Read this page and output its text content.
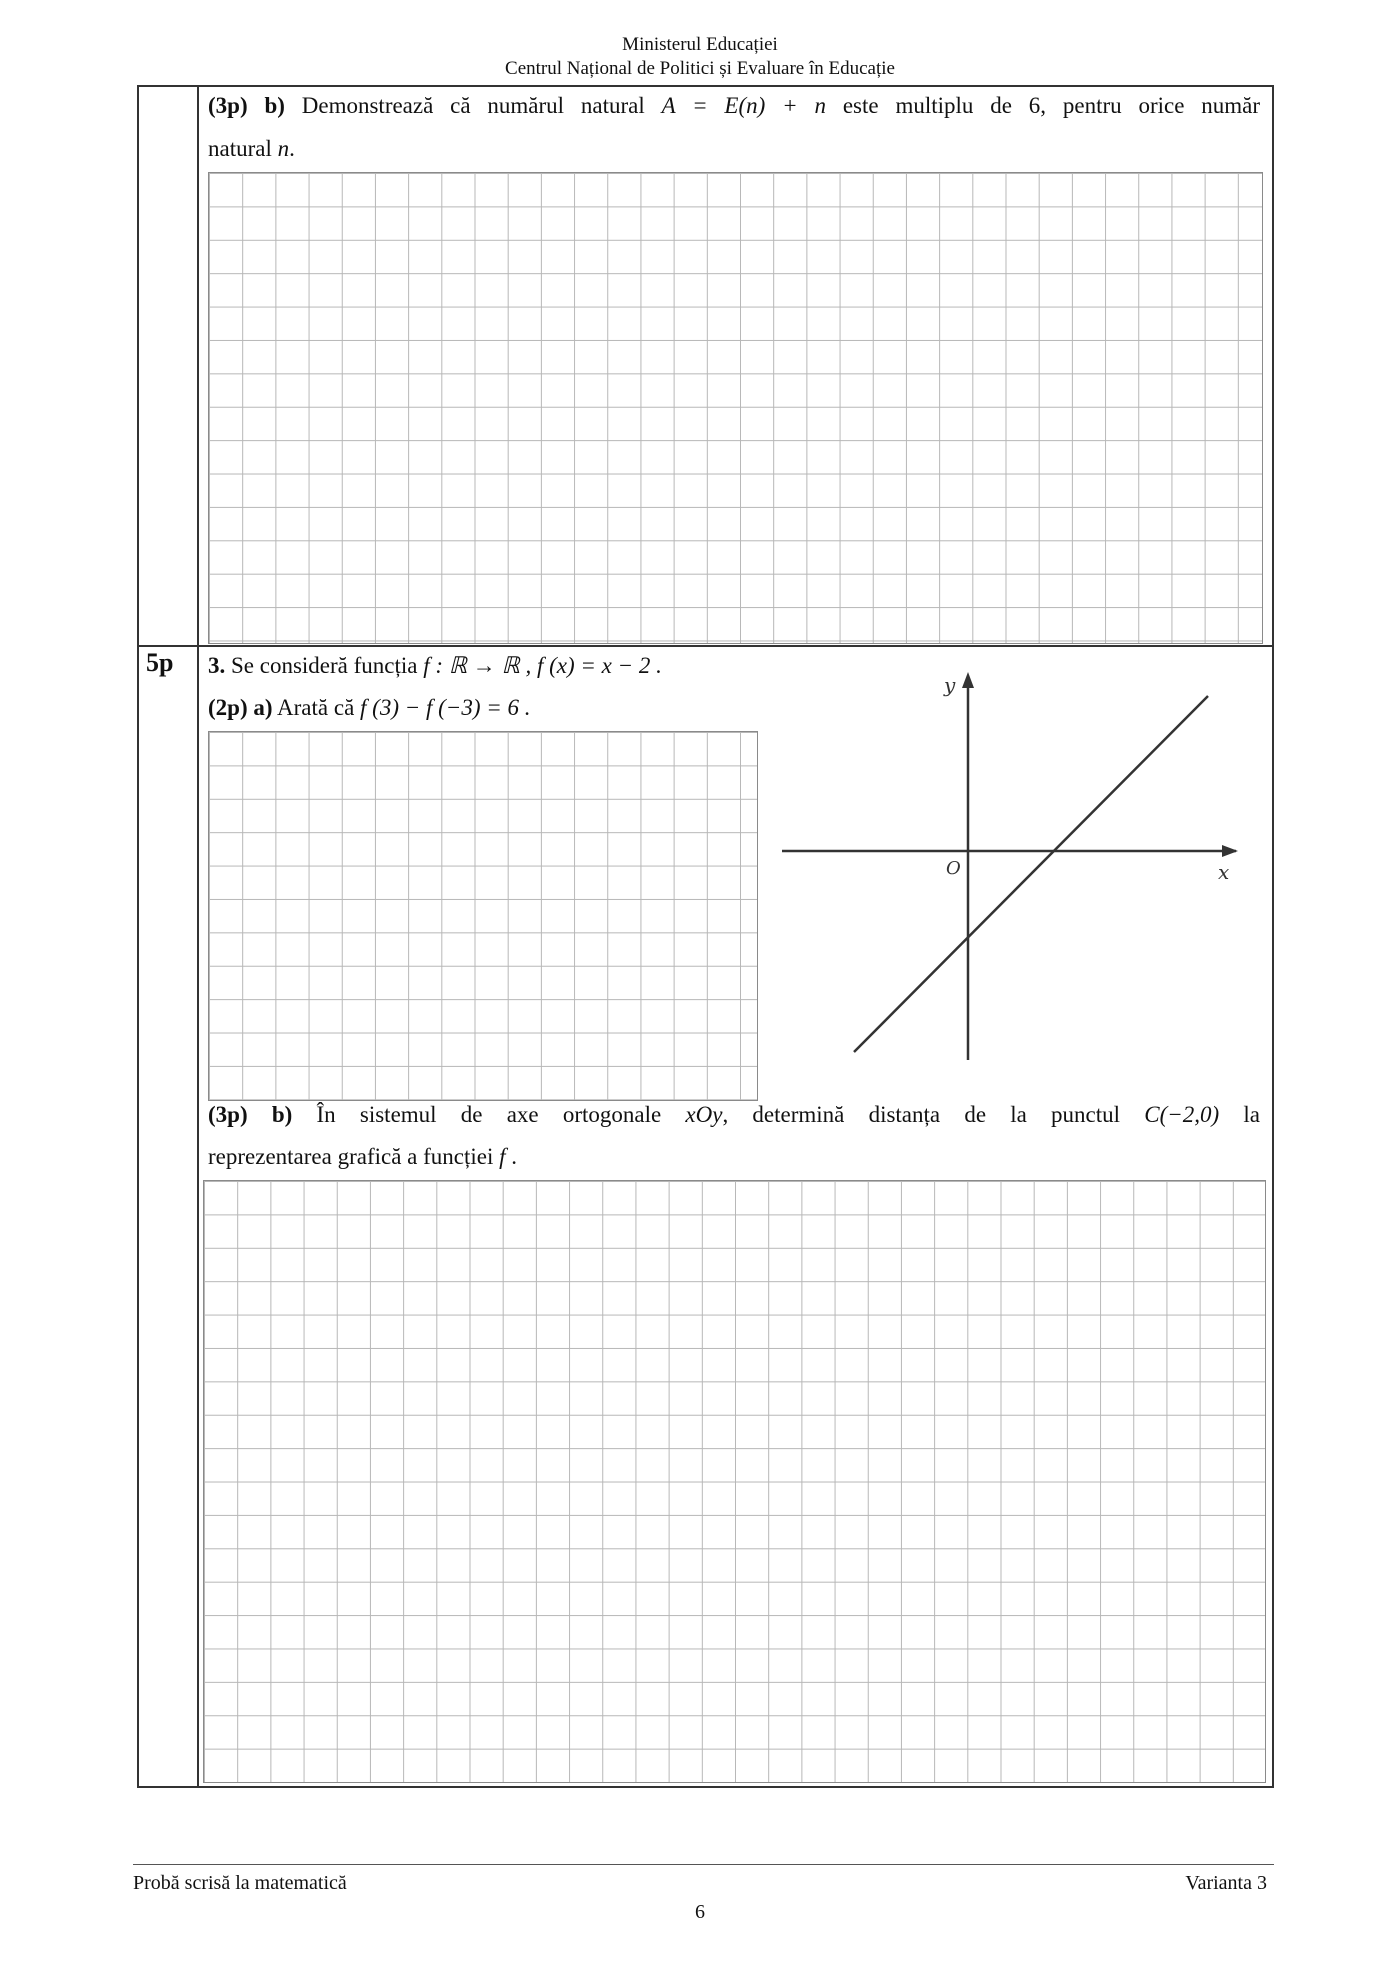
Ministerul Educației
Centrul Național de Politici și Evaluare în Educație
(3p) b) Demonstrează că numărul natural A = E(n) + n este multiplu de 6, pentru orice număr
natural n.
5p 3. Se consideră funcția f : ℝ → ℝ , f (x) = x − 2 .
(2p) a) Arată că f (3) − f (−3) = 6 .
y
x
O
(3p) b) În sistemul de axe ortogonale xOy, determină distanța de la punctul C(−2,0) la
reprezentarea grafică a funcției f .
Probă scrisă la matematică	Varianta 3
6
